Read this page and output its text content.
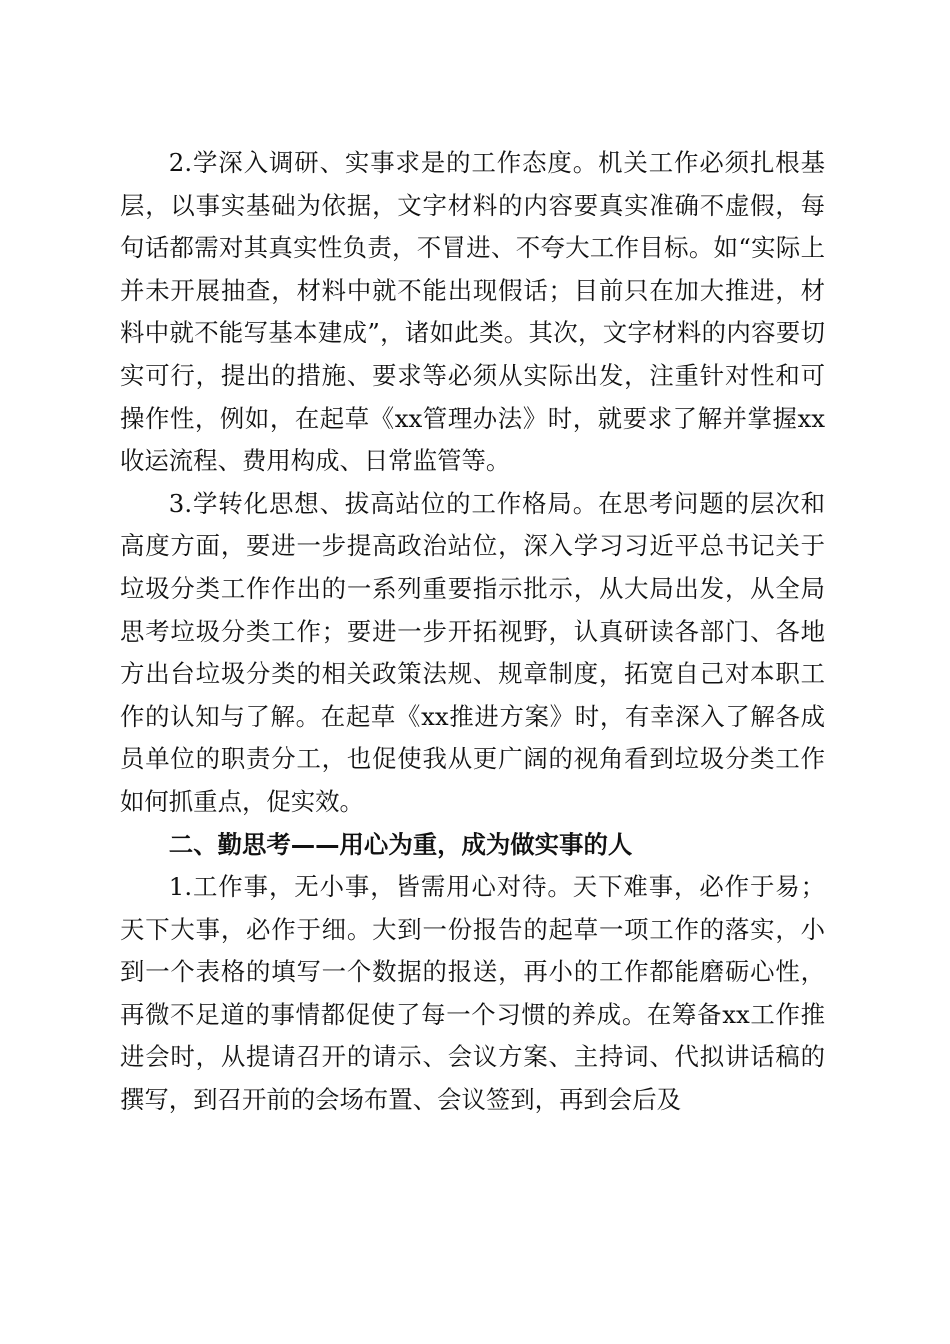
2.学深入调研、实事求是的工作态度。机关工作必须扎根基层，以事实基础为依据，文字材料的内容要真实准确不虚假，每句话都需对其真实性负责，不冒进、不夸大工作目标。如“实际上并未开展抽查，材料中就不能出现假话；目前只在加大推进，材料中就不能写基本建成”，诸如此类。其次，文字材料的内容要切实可行，提出的措施、要求等必须从实际出发，注重针对性和可操作性，例如，在起草《xx管理办法》时，就要求了解并掌握xx收运流程、费用构成、日常监管等。

3.学转化思想、拔高站位的工作格局。在思考问题的层次和高度方面，要进一步提高政治站位，深入学习习近平总书记关于垃圾分类工作作出的一系列重要指示批示，从大局出发，从全局思考垃圾分类工作；要进一步开拓视野，认真研读各部门、各地方出台垃圾分类的相关政策法规、规章制度，拓宽自己对本职工作的认知与了解。在起草《xx推进方案》时，有幸深入了解各成员单位的职责分工，也促使我从更广阔的视角看到垃圾分类工作如何抓重点，促实效。

二、勤思考——用心为重，成为做实事的人

1.工作事，无小事，皆需用心对待。天下难事，必作于易；天下大事，必作于细。大到一份报告的起草一项工作的落实，小到一个表格的填写一个数据的报送，再小的工作都能磨砺心性，再微不足道的事情都促使了每一个习惯的养成。在筹备xx工作推进会时，从提请召开的请示、会议方案、主持词、代拟讲话稿的撰写，到召开前的会场布置、会议签到，再到会后及
